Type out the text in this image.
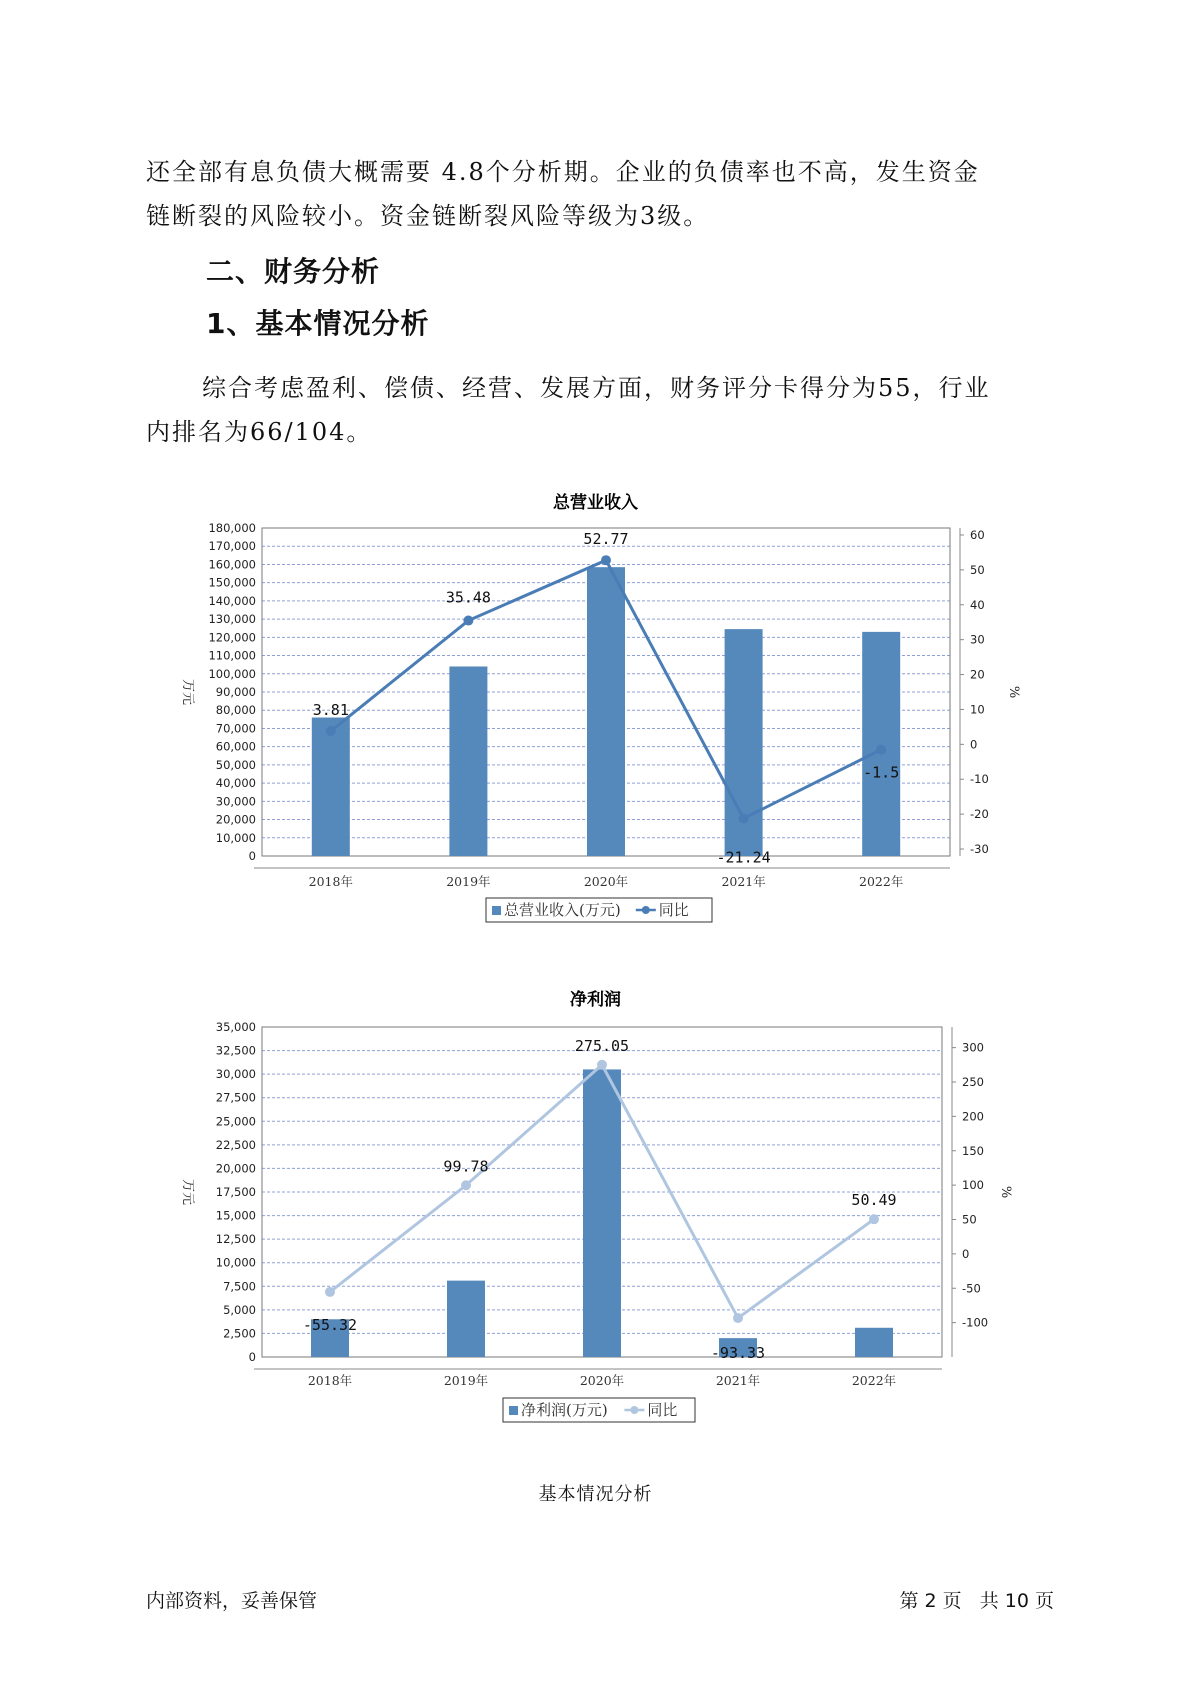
还全部有息负债大概需要 4.8个分析期。企业的负债率也不高，发生资金

链断裂的风险较小。资金链断裂风险等级为3级。

二、财务分析
1、基本情况分析

综合考虑盈利、偿债、经营、发展方面，财务评分卡得分为55，行业

内排名为66/104。

总营业收入
0
10,000
20,000
30,000
40,000
50,000
60,000
70,000
80,000
90,000
100,000
110,000
120,000
130,000
140,000
150,000
160,000
170,000
180,000
-30
-20
-10
0
10
20
30
40
50
60
2018年	2019年	2020年	2021年	2022年
3.81
35.48
52.77
-21.24
-1.5
万元	%
总营业收入(万元)	同比
净利润
0
2,500
5,000
7,500
10,000
12,500
15,000
17,500
20,000
22,500
25,000
27,500
30,000
32,500
35,000
-100
-50
0
50
100
150
200
250
300
2018年	2019年	2020年	2021年	2022年
-55.32
99.78
275.05
-93.33
50.49
万元	%
净利润(万元)	同比
基本情况分析
内部资料，妥善保管	第 2 页   共 10 页
